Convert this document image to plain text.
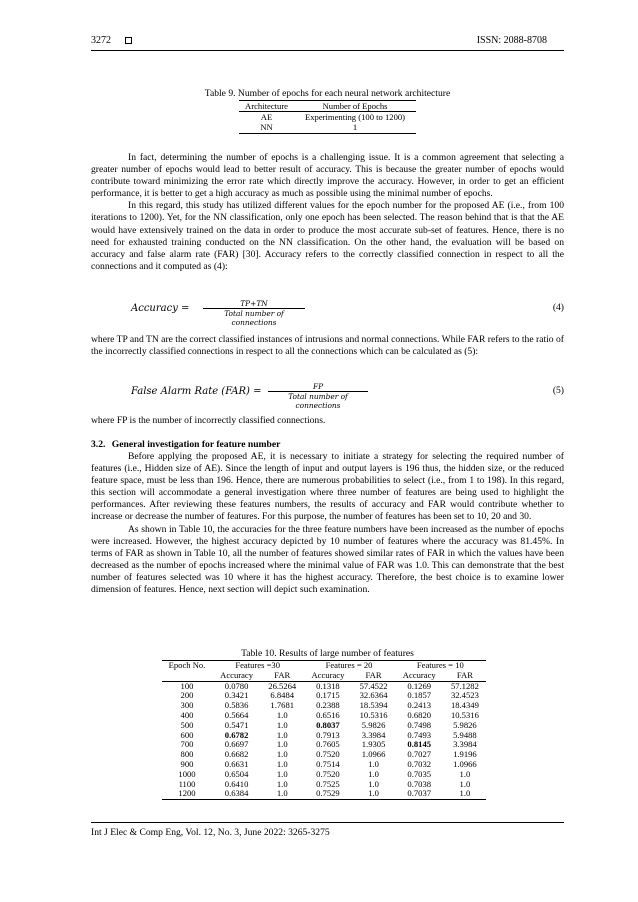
3272	ISSN: 2088-8708
Table 9. Number of epochs for each neural network architecture
Architecture	Number of Epochs
AE	Experimenting (100 to 1200)
NN	1

In fact, determining the number of epochs is a challenging issue. It is a common agreement that selecting a greater number of epochs would lead to better result of accuracy. This is because the greater number of epochs would contribute toward minimizing the error rate which directly improve the accuracy. However, in order to get an efficient performance, it is better to get a high accuracy as much as possible using the minimal number of epochs.

In this regard, this study has utilized different values for the epoch number for the proposed AE (i.e., from 100 iterations to 1200). Yet, for the NN classification, only one epoch has been selected. The reason behind that is that the AE would have extensively trained on the data in order to produce the most accurate sub-set of features. Hence, there is no need for exhausted training conducted on the NN classification. On the other hand, the evaluation will be based on accuracy and false alarm rate (FAR) [30]. Accuracy refers to the correctly classified connection in respect to all the connections and it computed as (4):

Accuracy =	TP+TN
Total number of connections
(4)

where TP and TN are the correct classified instances of intrusions and normal connections. While FAR refers to the ratio of the incorrectly classified connections in respect to all the connections which can be calculated as (5):

False Alarm Rate (FAR) =	FP
Total number of connections
(5)

where FP is the number of incorrectly classified connections.

3.2. General investigation for feature number

Before applying the proposed AE, it is necessary to initiate a strategy for selecting the required number of features (i.e., Hidden size of AE). Since the length of input and output layers is 196 thus, the hidden size, or the reduced feature space, must be less than 196. Hence, there are numerous probabilities to select (i.e., from 1 to 198). In this regard, this section will accommodate a general investigation where three number of features are being used to highlight the performances. After reviewing these features numbers, the results of accuracy and FAR would contribute whether to increase or decrease the number of features. For this purpose, the number of features has been set to 10, 20 and 30.

As shown in Table 10, the accuracies for the three feature numbers have been increased as the number of epochs were increased. However, the highest accuracy depicted by 10 number of features where the accuracy was 81.45%. In terms of FAR as shown in Table 10, all the number of features showed similar rates of FAR in which the values have been decreased as the number of epochs increased where the minimal value of FAR was 1.0. This can demonstrate that the best number of features selected was 10 where it has the highest accuracy. Therefore, the best choice is to examine lower dimension of features. Hence, next section will depict such examination.

Table 10. Results of large number of features
Epoch No.	Features =30		Features = 20		Features = 10	
	Accuracy	FAR	Accuracy	FAR	Accuracy	FAR
100	0.0780	26.5264	0.1318	57.4522	0.1269	57.1282
200	0.3421	6.8484	0.1715	32.6364	0.1857	32.4523
300	0.5836	1.7681	0.2388	18.5394	0.2413	18.4349
400	0.5664	1.0	0.6516	10.5316	0.6820	10.5316
500	0.5471	1.0	0.8037	5.9826	0.7498	5.9826
600	0.6782	1.0	0.7913	3.3984	0.7493	5.9488
700	0.6697	1.0	0.7605	1.9305	0.8145	3.3984
800	0.6682	1.0	0.7520	1.0966	0.7027	1.9196
900	0.6631	1.0	0.7514	1.0	0.7032	1.0966
1000	0.6504	1.0	0.7520	1.0	0.7035	1.0
1100	0.6410	1.0	0.7525	1.0	0.7038	1.0
1200	0.6384	1.0	0.7529	1.0	0.7037	1.0
Int J Elec & Comp Eng, Vol. 12, No. 3, June 2022: 3265-3275
